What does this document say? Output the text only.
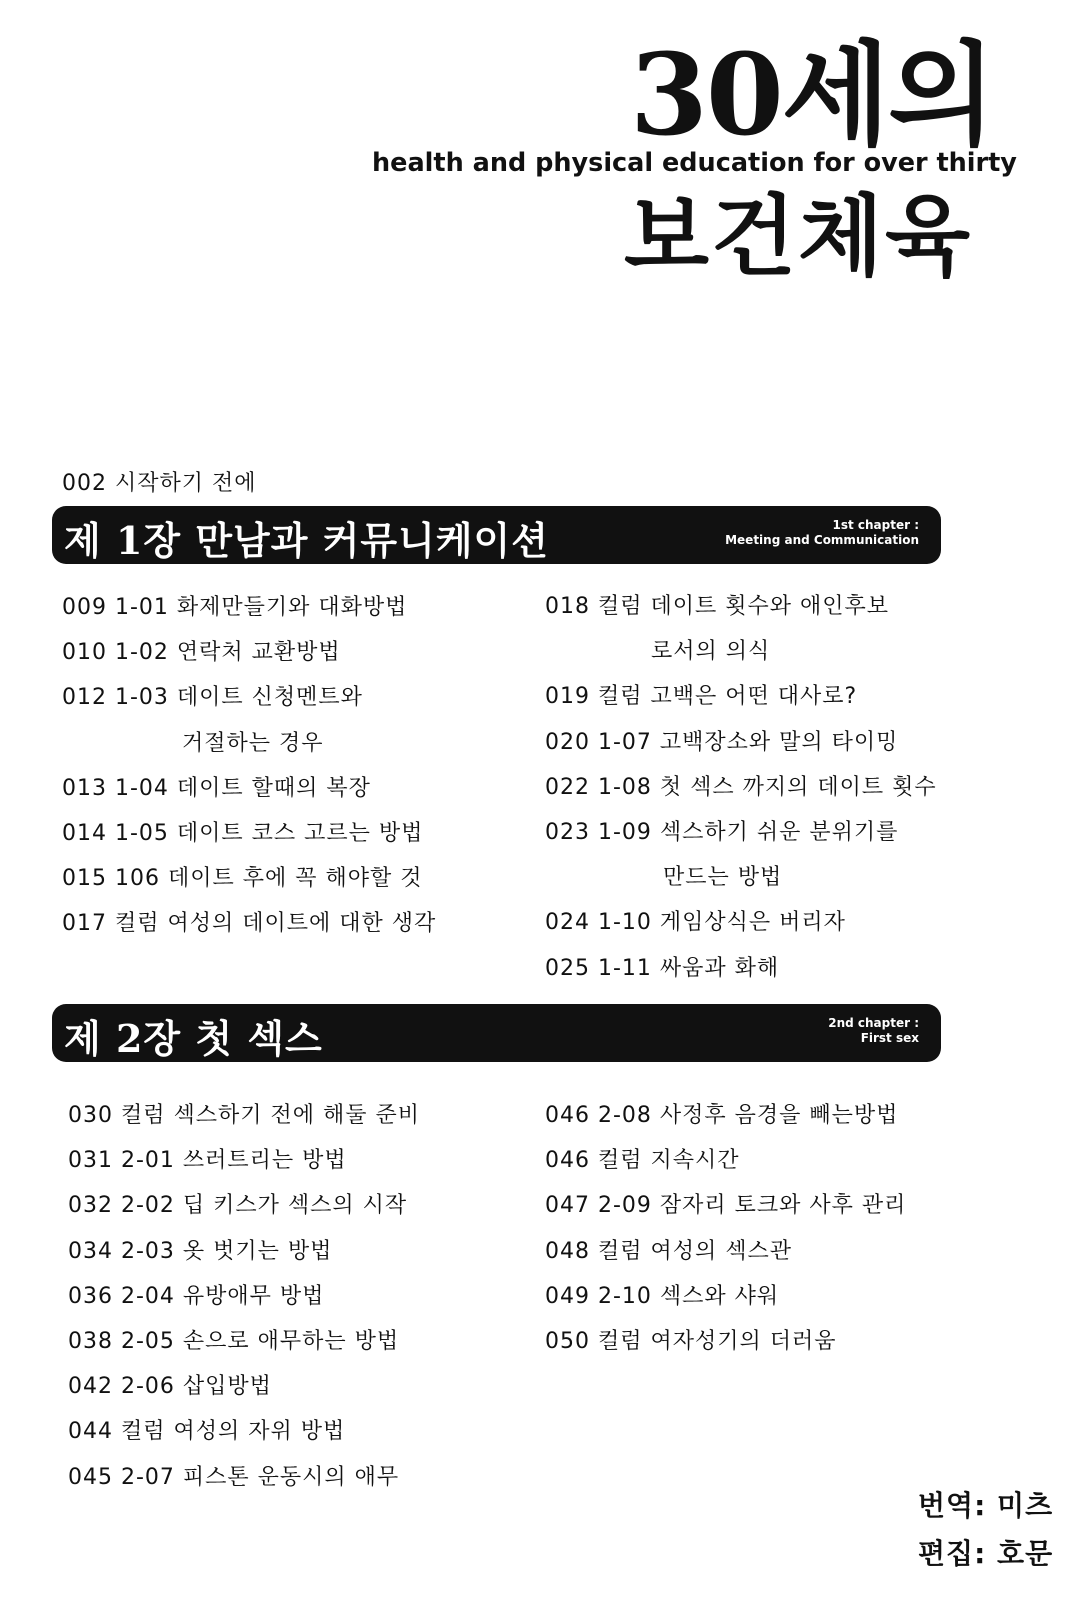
30세의
health and physical education for over thirty
보건체육
002 시작하기 전에
제 1장 만남과 커뮤니케이션	1st chapter :
Meeting and Communication
009 1-01 화제만들기와 대화방법
010 1-02 연락처 교환방법
012 1-03 데이트 신청멘트와
거절하는 경우
013 1-04 데이트 할때의 복장
014 1-05 데이트 코스 고르는 방법
015 106 데이트 후에 꼭 해야할 것
017 컬럼 여성의 데이트에 대한 생각
018 컬럼 데이트 횟수와 애인후보
로서의 의식
019 컬럼 고백은 어떤 대사로?
020 1-07 고백장소와 말의 타이밍
022 1-08 첫 섹스 까지의 데이트 횟수
023 1-09 섹스하기 쉬운 분위기를
만드는 방법
024 1-10 게임상식은 버리자
025 1-11 싸움과 화해
제 2장 첫 섹스	2nd chapter :
First sex
030 컬럼 섹스하기 전에 해둘 준비
031 2-01 쓰러트리는 방법
032 2-02 딥 키스가 섹스의 시작
034 2-03 옷 벗기는 방법
036 2-04 유방애무 방법
038 2-05 손으로 애무하는 방법
042 2-06 삽입방법
044 컬럼 여성의 자위 방법
045 2-07 피스톤 운동시의 애무
046 2-08 사정후 음경을 빼는방법
046 컬럼 지속시간
047 2-09 잠자리 토크와 사후 관리
048 컬럼 여성의 섹스관
049 2-10 섹스와 샤워
050 컬럼 여자성기의 더러움
번역: 미츠
편집: 호문
